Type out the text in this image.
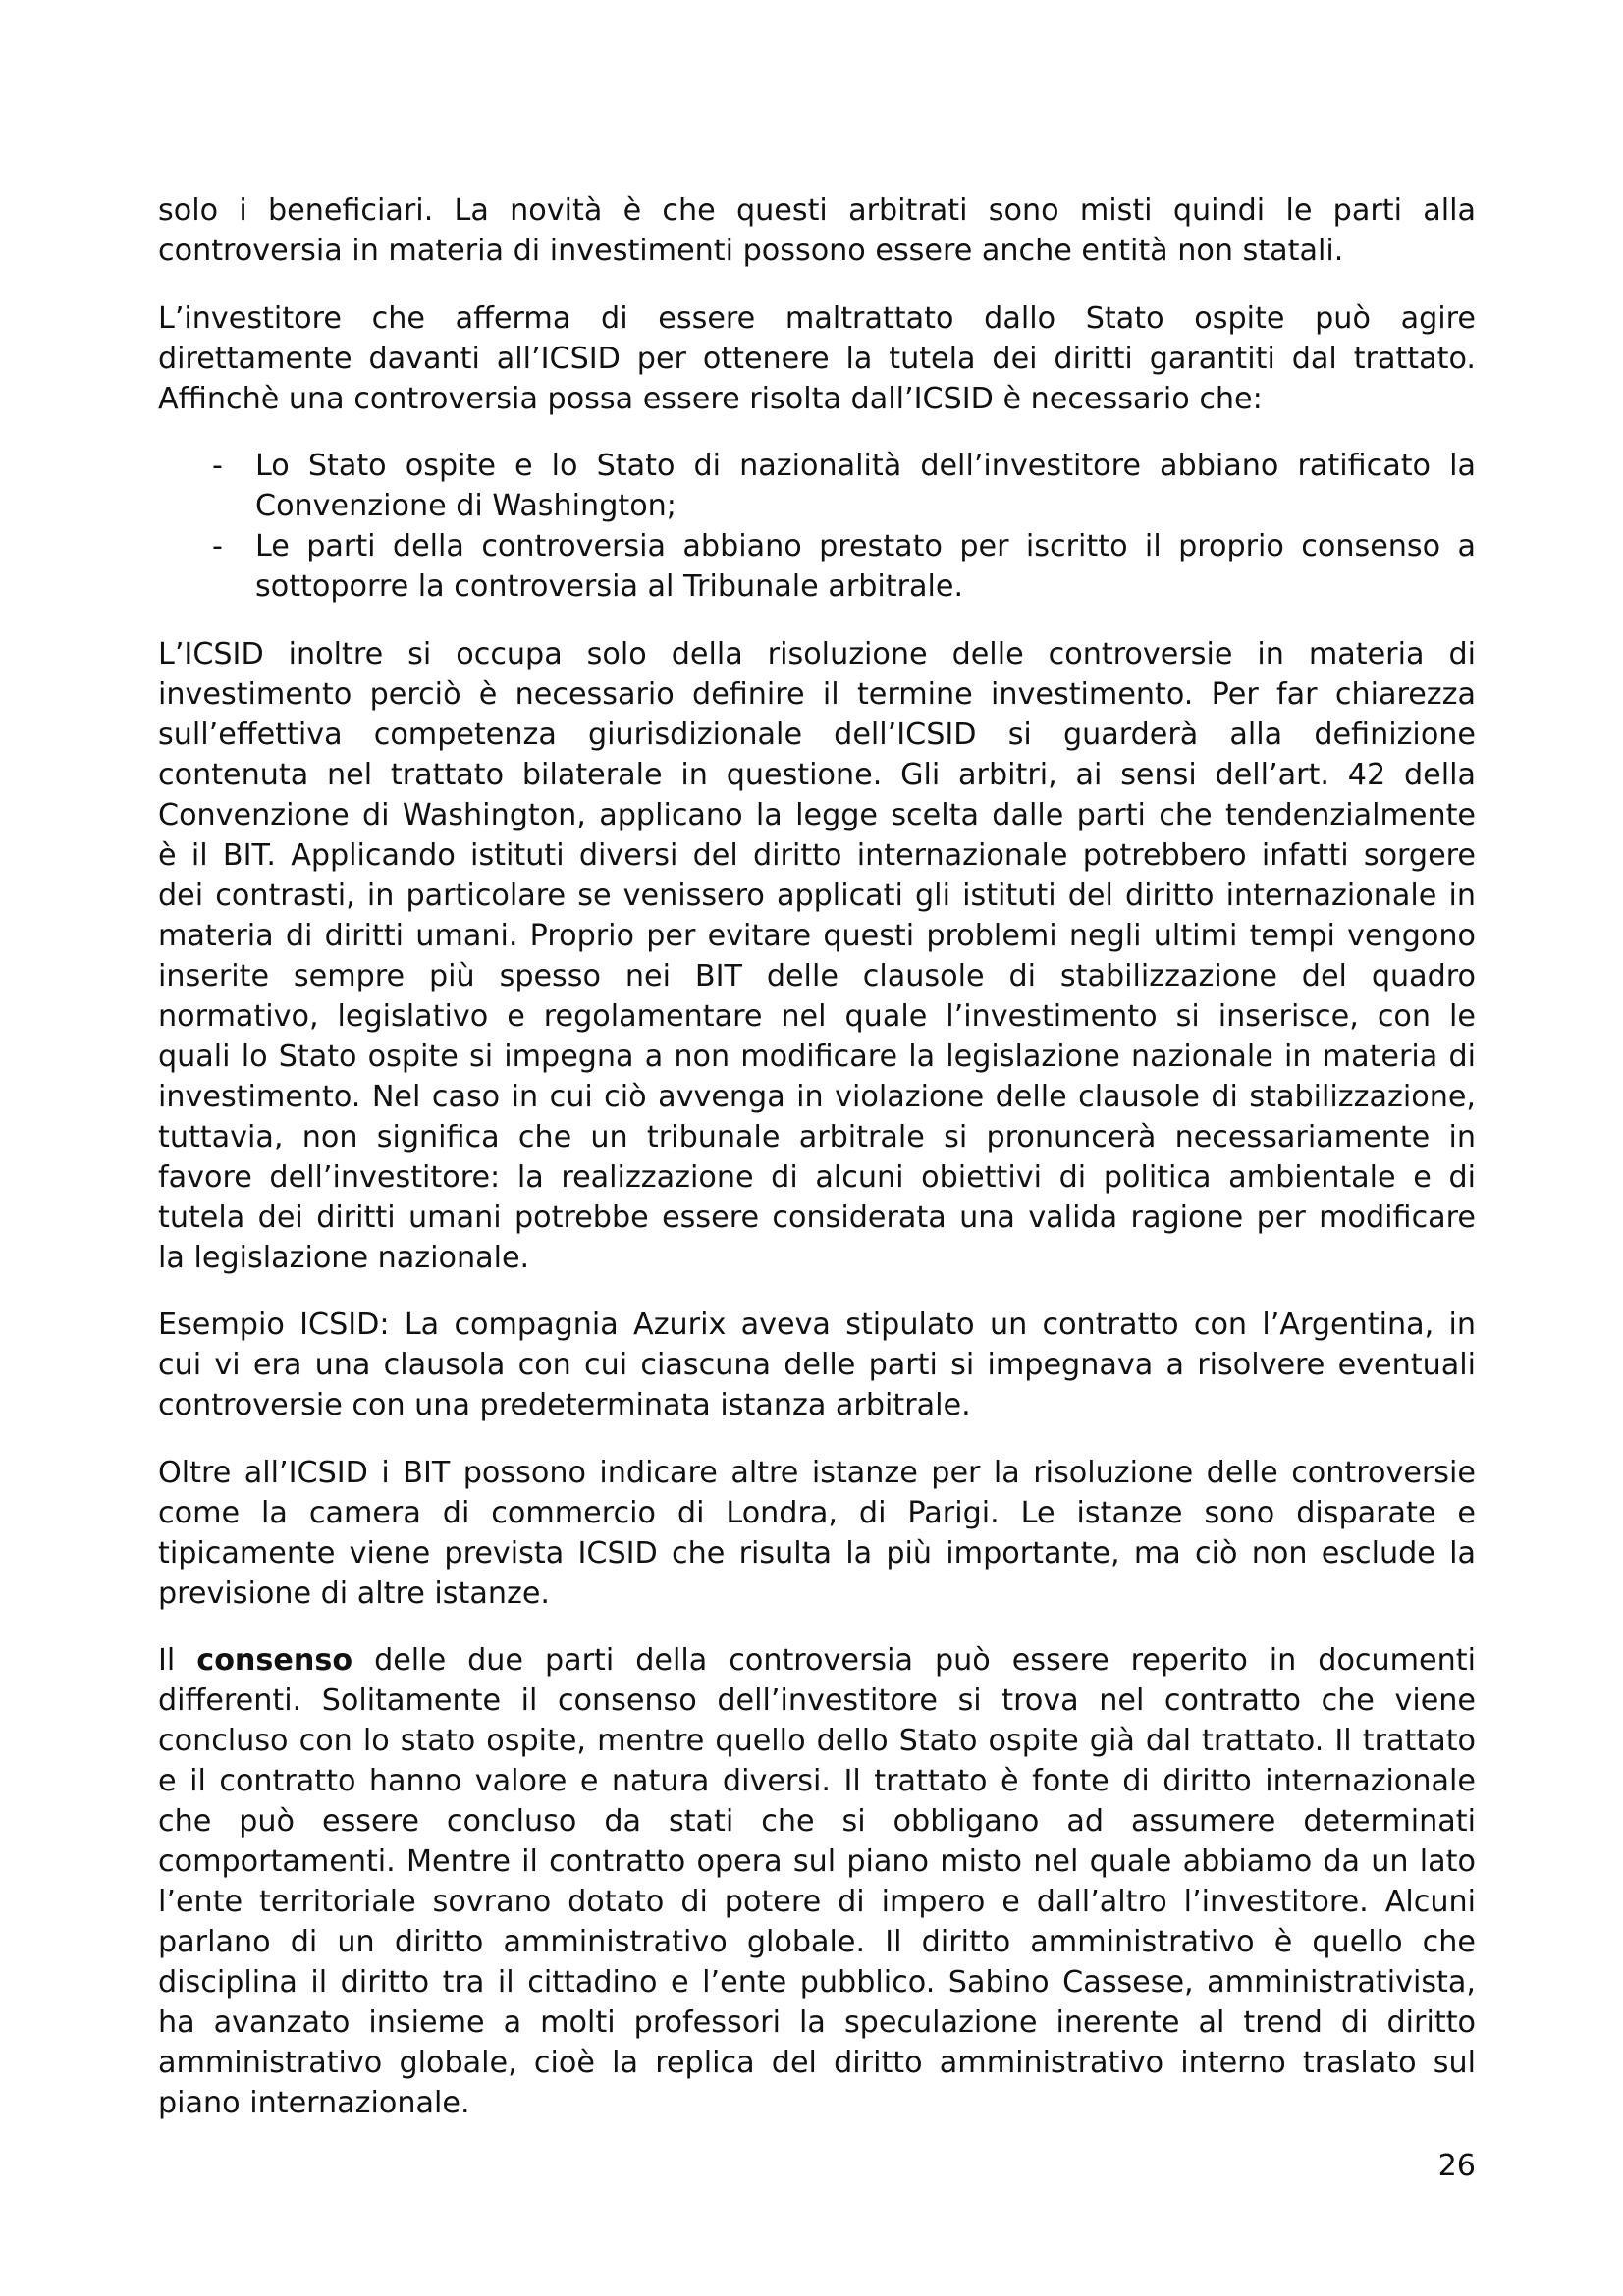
solo i beneficiari. La novità è che questi arbitrati sono misti quindi le parti alla
controversia in materia di investimenti possono essere anche entità non statali.

L’investitore che afferma di essere maltrattato dallo Stato ospite può agire
direttamente davanti all’ICSID per ottenere la tutela dei diritti garantiti dal trattato.
Affinchè una controversia possa essere risolta dall’ICSID è necessario che:

- Lo Stato ospite e lo Stato di nazionalità dell’investitore abbiano ratificato la
Convenzione di Washington;
- Le parti della controversia abbiano prestato per iscritto il proprio consenso a
sottoporre la controversia al Tribunale arbitrale.

L’ICSID inoltre si occupa solo della risoluzione delle controversie in materia di
investimento perciò è necessario definire il termine investimento. Per far chiarezza
sull’effettiva competenza giurisdizionale dell’ICSID si guarderà alla definizione
contenuta nel trattato bilaterale in questione. Gli arbitri, ai sensi dell’art. 42 della
Convenzione di Washington, applicano la legge scelta dalle parti che tendenzialmente
è il BIT. Applicando istituti diversi del diritto internazionale potrebbero infatti sorgere
dei contrasti, in particolare se venissero applicati gli istituti del diritto internazionale in
materia di diritti umani. Proprio per evitare questi problemi negli ultimi tempi vengono
inserite sempre più spesso nei BIT delle clausole di stabilizzazione del quadro
normativo, legislativo e regolamentare nel quale l’investimento si inserisce, con le
quali lo Stato ospite si impegna a non modificare la legislazione nazionale in materia di
investimento. Nel caso in cui ciò avvenga in violazione delle clausole di stabilizzazione,
tuttavia, non significa che un tribunale arbitrale si pronuncerà necessariamente in
favore dell’investitore: la realizzazione di alcuni obiettivi di politica ambientale e di
tutela dei diritti umani potrebbe essere considerata una valida ragione per modificare
la legislazione nazionale.

Esempio ICSID: La compagnia Azurix aveva stipulato un contratto con l’Argentina, in
cui vi era una clausola con cui ciascuna delle parti si impegnava a risolvere eventuali
controversie con una predeterminata istanza arbitrale.

Oltre all’ICSID i BIT possono indicare altre istanze per la risoluzione delle controversie
come la camera di commercio di Londra, di Parigi. Le istanze sono disparate e
tipicamente viene prevista ICSID che risulta la più importante, ma ciò non esclude la
previsione di altre istanze.

Il consenso delle due parti della controversia può essere reperito in documenti
differenti. Solitamente il consenso dell’investitore si trova nel contratto che viene
concluso con lo stato ospite, mentre quello dello Stato ospite già dal trattato. Il trattato
e il contratto hanno valore e natura diversi. Il trattato è fonte di diritto internazionale
che può essere concluso da stati che si obbligano ad assumere determinati
comportamenti. Mentre il contratto opera sul piano misto nel quale abbiamo da un lato
l’ente territoriale sovrano dotato di potere di impero e dall’altro l’investitore. Alcuni
parlano di un diritto amministrativo globale. Il diritto amministrativo è quello che
disciplina il diritto tra il cittadino e l’ente pubblico. Sabino Cassese, amministrativista,
ha avanzato insieme a molti professori la speculazione inerente al trend di diritto
amministrativo globale, cioè la replica del diritto amministrativo interno traslato sul
piano internazionale.

26
